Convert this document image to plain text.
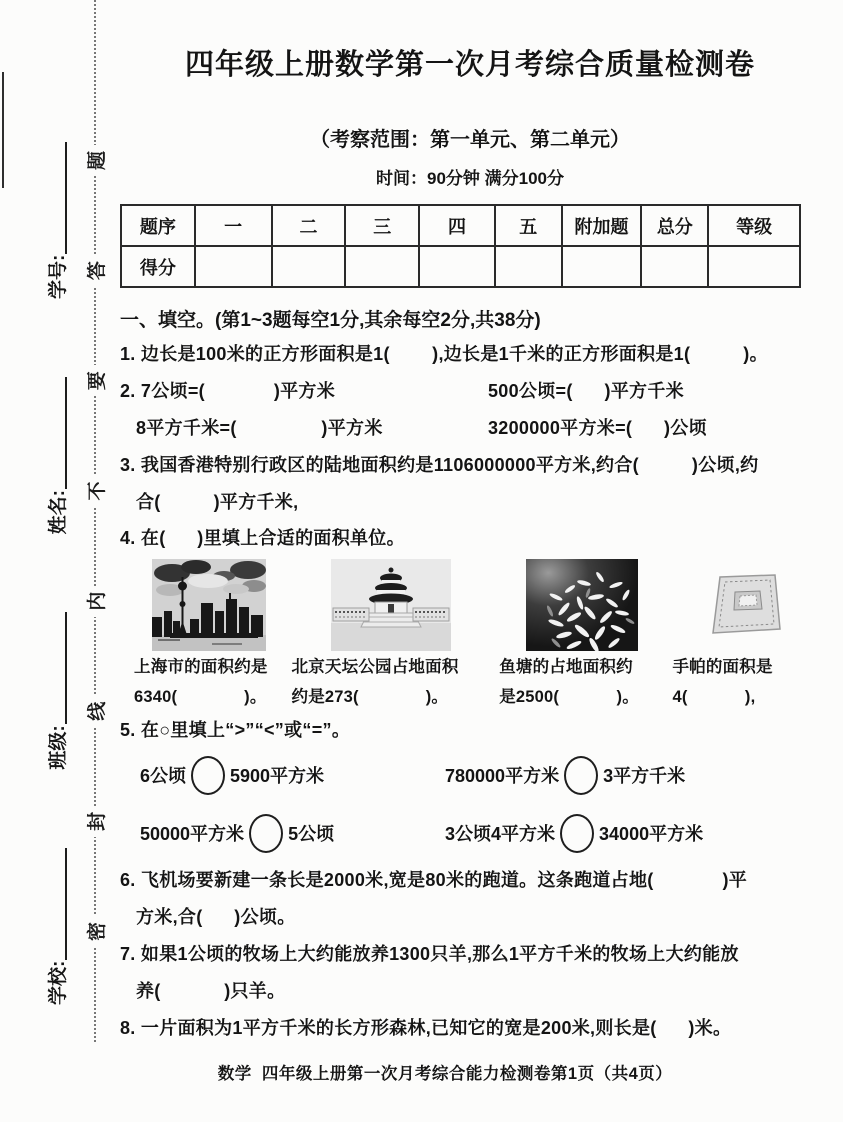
密
封
线
内
不
要
答
题
学校:
班级:
姓名:
学号:
四年级上册数学第一次月考综合质量检测卷
（考察范围：第一单元、第二单元）
时间：90分钟 满分100分
题序	一	二	三	四	五	附加题	总分	等级
得分								
一、填空。(第1~3题每空1分,其余每空2分,共38分)
1. 边长是100米的正方形面积是1(        ),边长是1千米的正方形面积是1(          )。
2. 7公顷=(             )平方米	500公顷=(      )平方千米
8平方千米=(                )平方米	3200000平方米=(      )公顷
3. 我国香港特别行政区的陆地面积约是1106000000平方米,约合(          )公顷,约
合(          )平方千米,
4. 在(      )里填上合适的面积单位。
上海市的面积约是
6340(              )。
北京天坛公园占地面积
约是273(              )。
鱼塘的占地面积约
是2500(            )。
手帕的面积是
4(            ),
5. 在○里填上“>”“<”或“=”。
6公顷 5900平方米	780000平方米 3平方千米
50000平方米 5公顷	3公顷4平方米 34000平方米
6. 飞机场要新建一条长是2000米,宽是80米的跑道。这条跑道占地(             )平
方米,合(      )公顷。
7. 如果1公顷的牧场上大约能放养1300只羊,那么1平方千米的牧场上大约能放
养(            )只羊。
8. 一片面积为1平方千米的长方形森林,已知它的宽是200米,则长是(      )米。
数学  四年级上册第一次月考综合能力检测卷第1页（共4页）
